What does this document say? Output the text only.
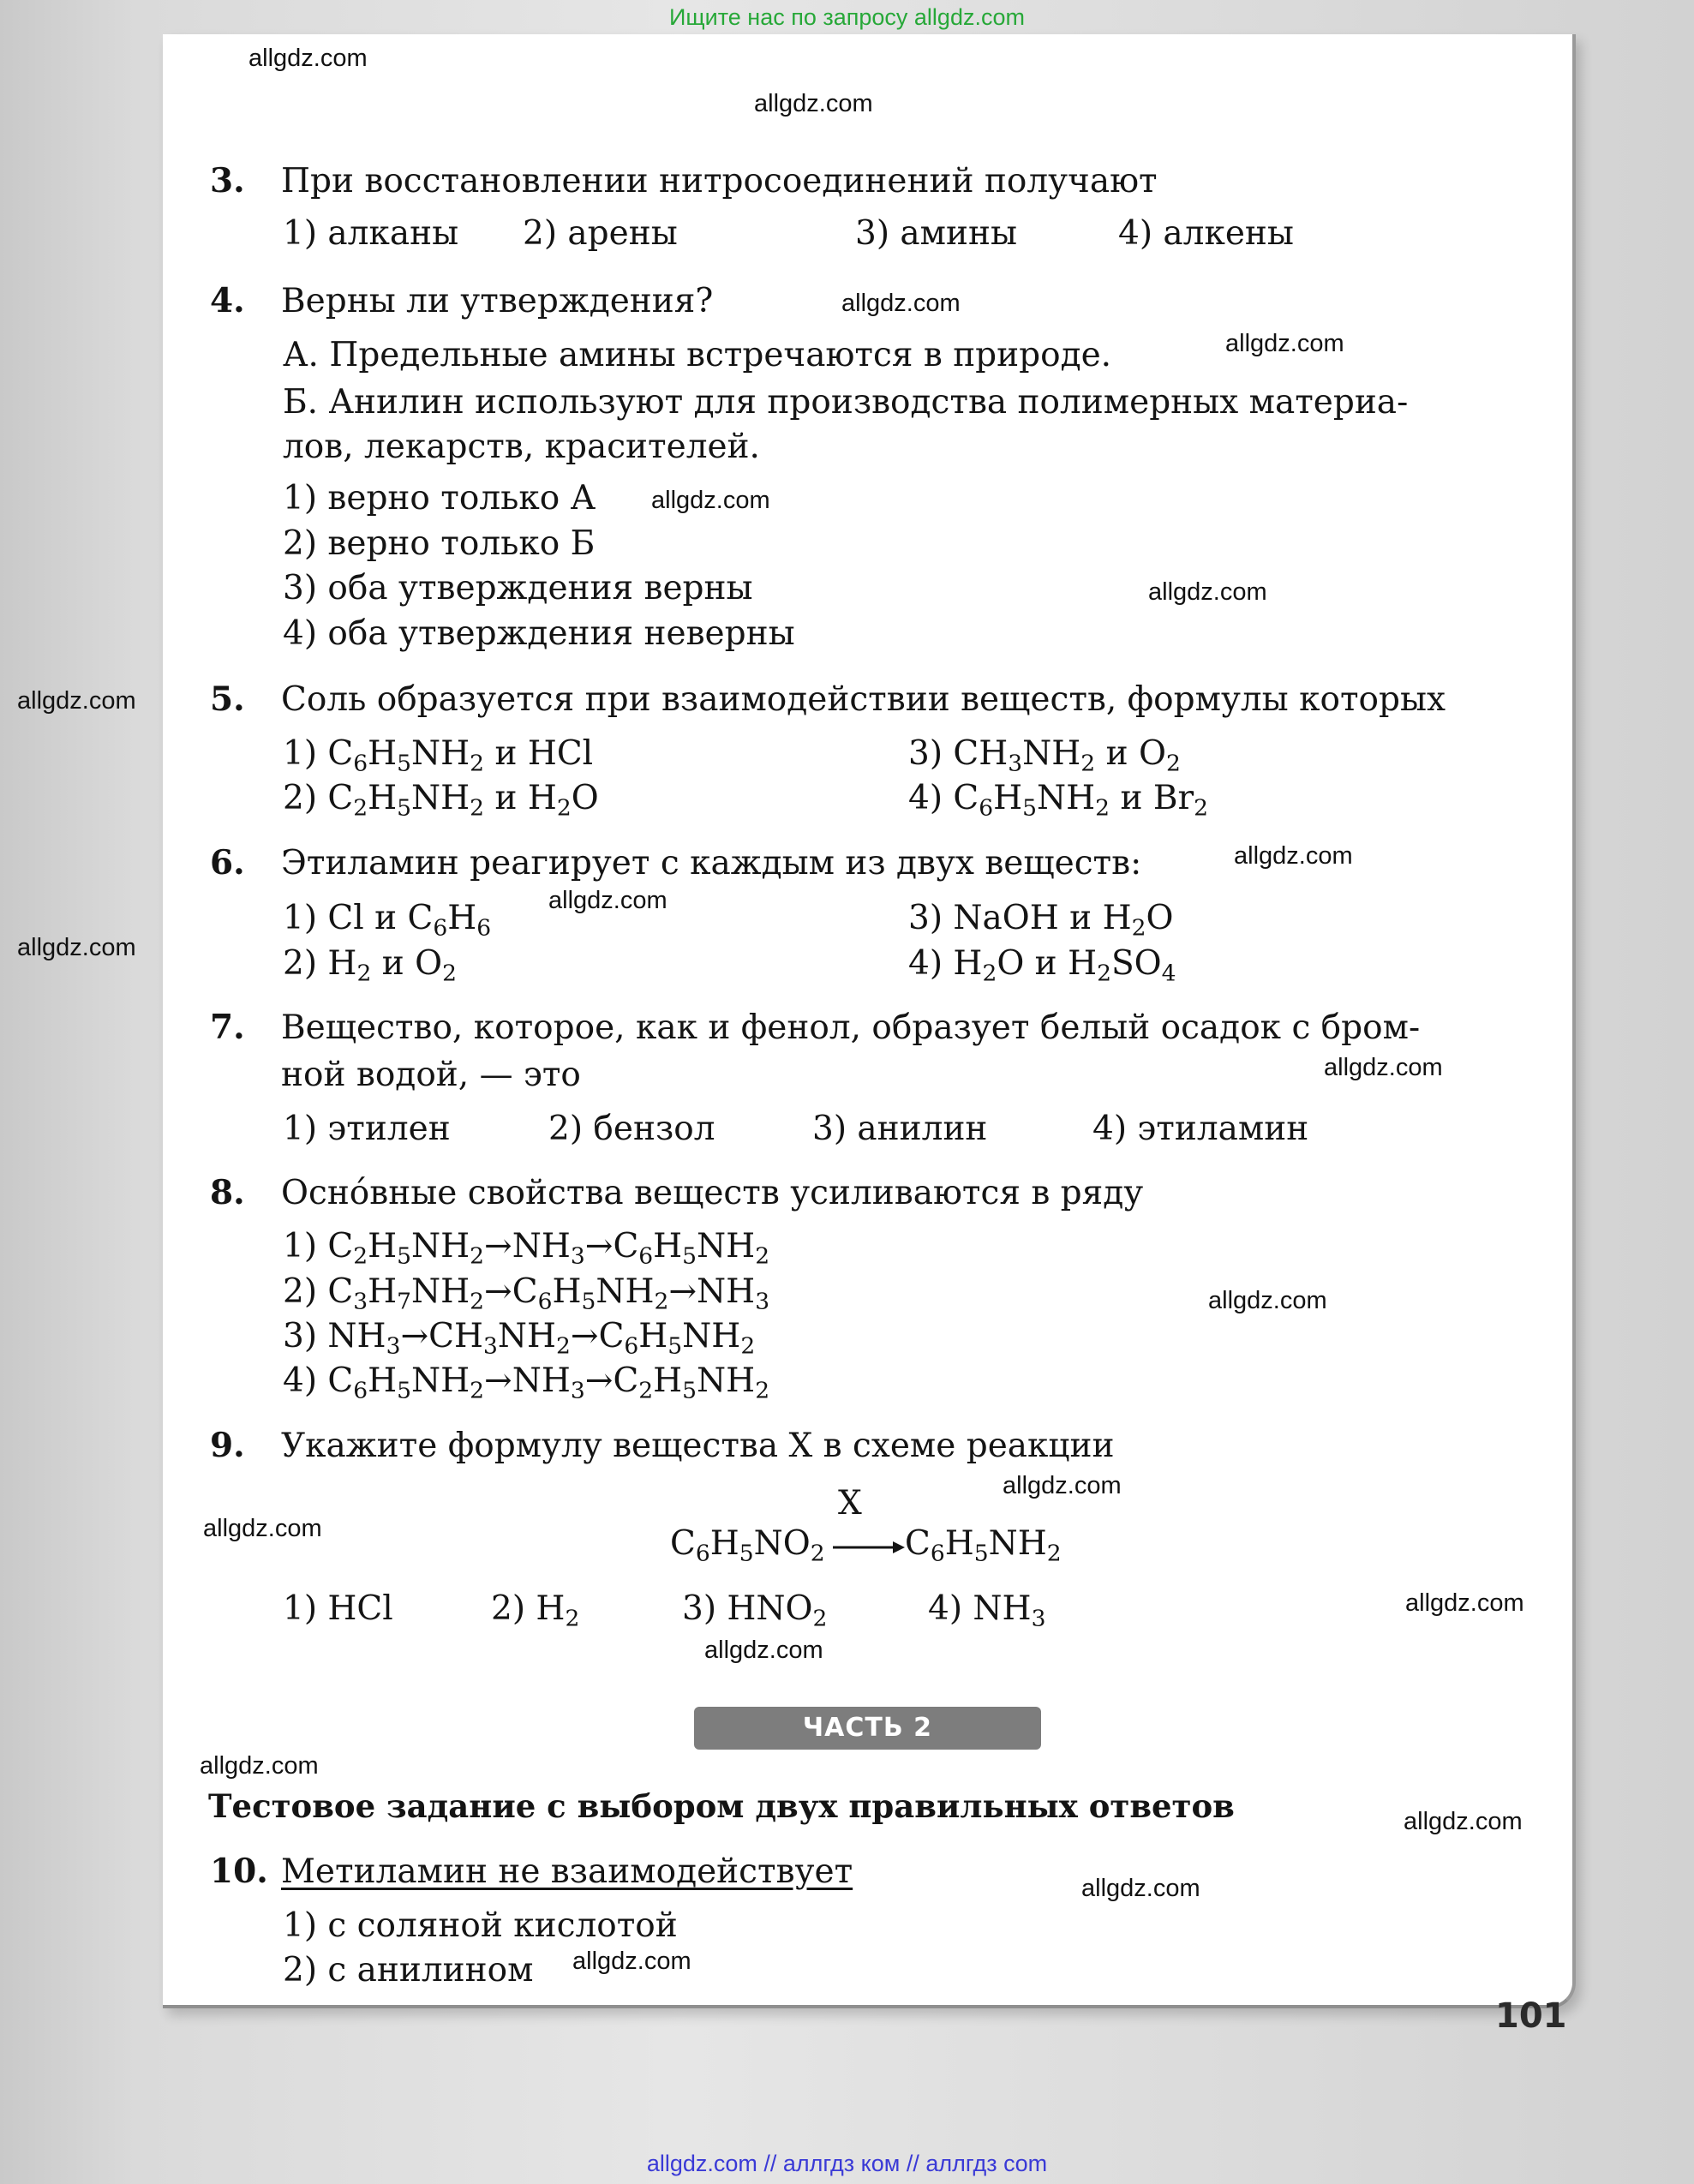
Ищите нас по запросу allgdz.com
allgdz.com
allgdz.com
allgdz.com
allgdz.com
allgdz.com
allgdz.com
allgdz.com
allgdz.com
allgdz.com
allgdz.com
allgdz.com
allgdz.com
allgdz.com
allgdz.com
allgdz.com
allgdz.com
allgdz.com
allgdz.com
allgdz.com
allgdz.com
3. При восстановлении нитросоединений получают
1) алканы 2) арены	3) амины	4) алкены
4. Верны ли утверждения?
А. Предельные амины встречаются в природе.
Б. Анилин используют для производства полимерных материа-
лов, лекарств, красителей.
1) верно только А
2) верно только Б
3) оба утверждения верны
4) оба утверждения неверны
5. Соль образуется при взаимодействии веществ, формулы которых
1) $C_6H_5NH_2$ и HCl
2) $C_2H_5NH_2$ и $H_2O$
3) $CH_3NH_2$ и $O_2$
4) $C_6H_5NH_2$ и $Br_2$
6. Этиламин реагирует с каждым из двух веществ:
1) Cl и $C_6H_6$
2) $H_2$ и $O_2$
3) NaOH и $H_2O$
4) $H_2O$ и $H_2SO_4$
7. Вещество, которое, как и фенол, образует белый осадок с бром-
ной водой, — это
1) этилен	2) бензол	3) анилин	4) этиламин
8. Осно́вные свойства веществ усиливаются в ряду
1) $C_2H_5NH_2\to NH_3\to C_6H_5NH_2$
2) $C_3H_7NH_2\to C_6H_5NH_2\to NH_3$
3) $NH_3\to CH_3NH_2\to C_6H_5NH_2$
4) $C_6H_5NH_2\to NH_3\to C_2H_5NH_2$
9. Укажите формулу вещества X в схеме реакции
X
$C_6H_5NO_2$ $C_6H_5NH_2$
1) HCl	2) $H_2$	3) $HNO_2$	4) $NH_3$
ЧАСТЬ 2
Тестовое задание с выбором двух правильных ответов
10. Метиламин не взаимодействует
1) с соляной кислотой
2) с анилином
101
allgdz.com // аллгдз ком // аллгдз com
